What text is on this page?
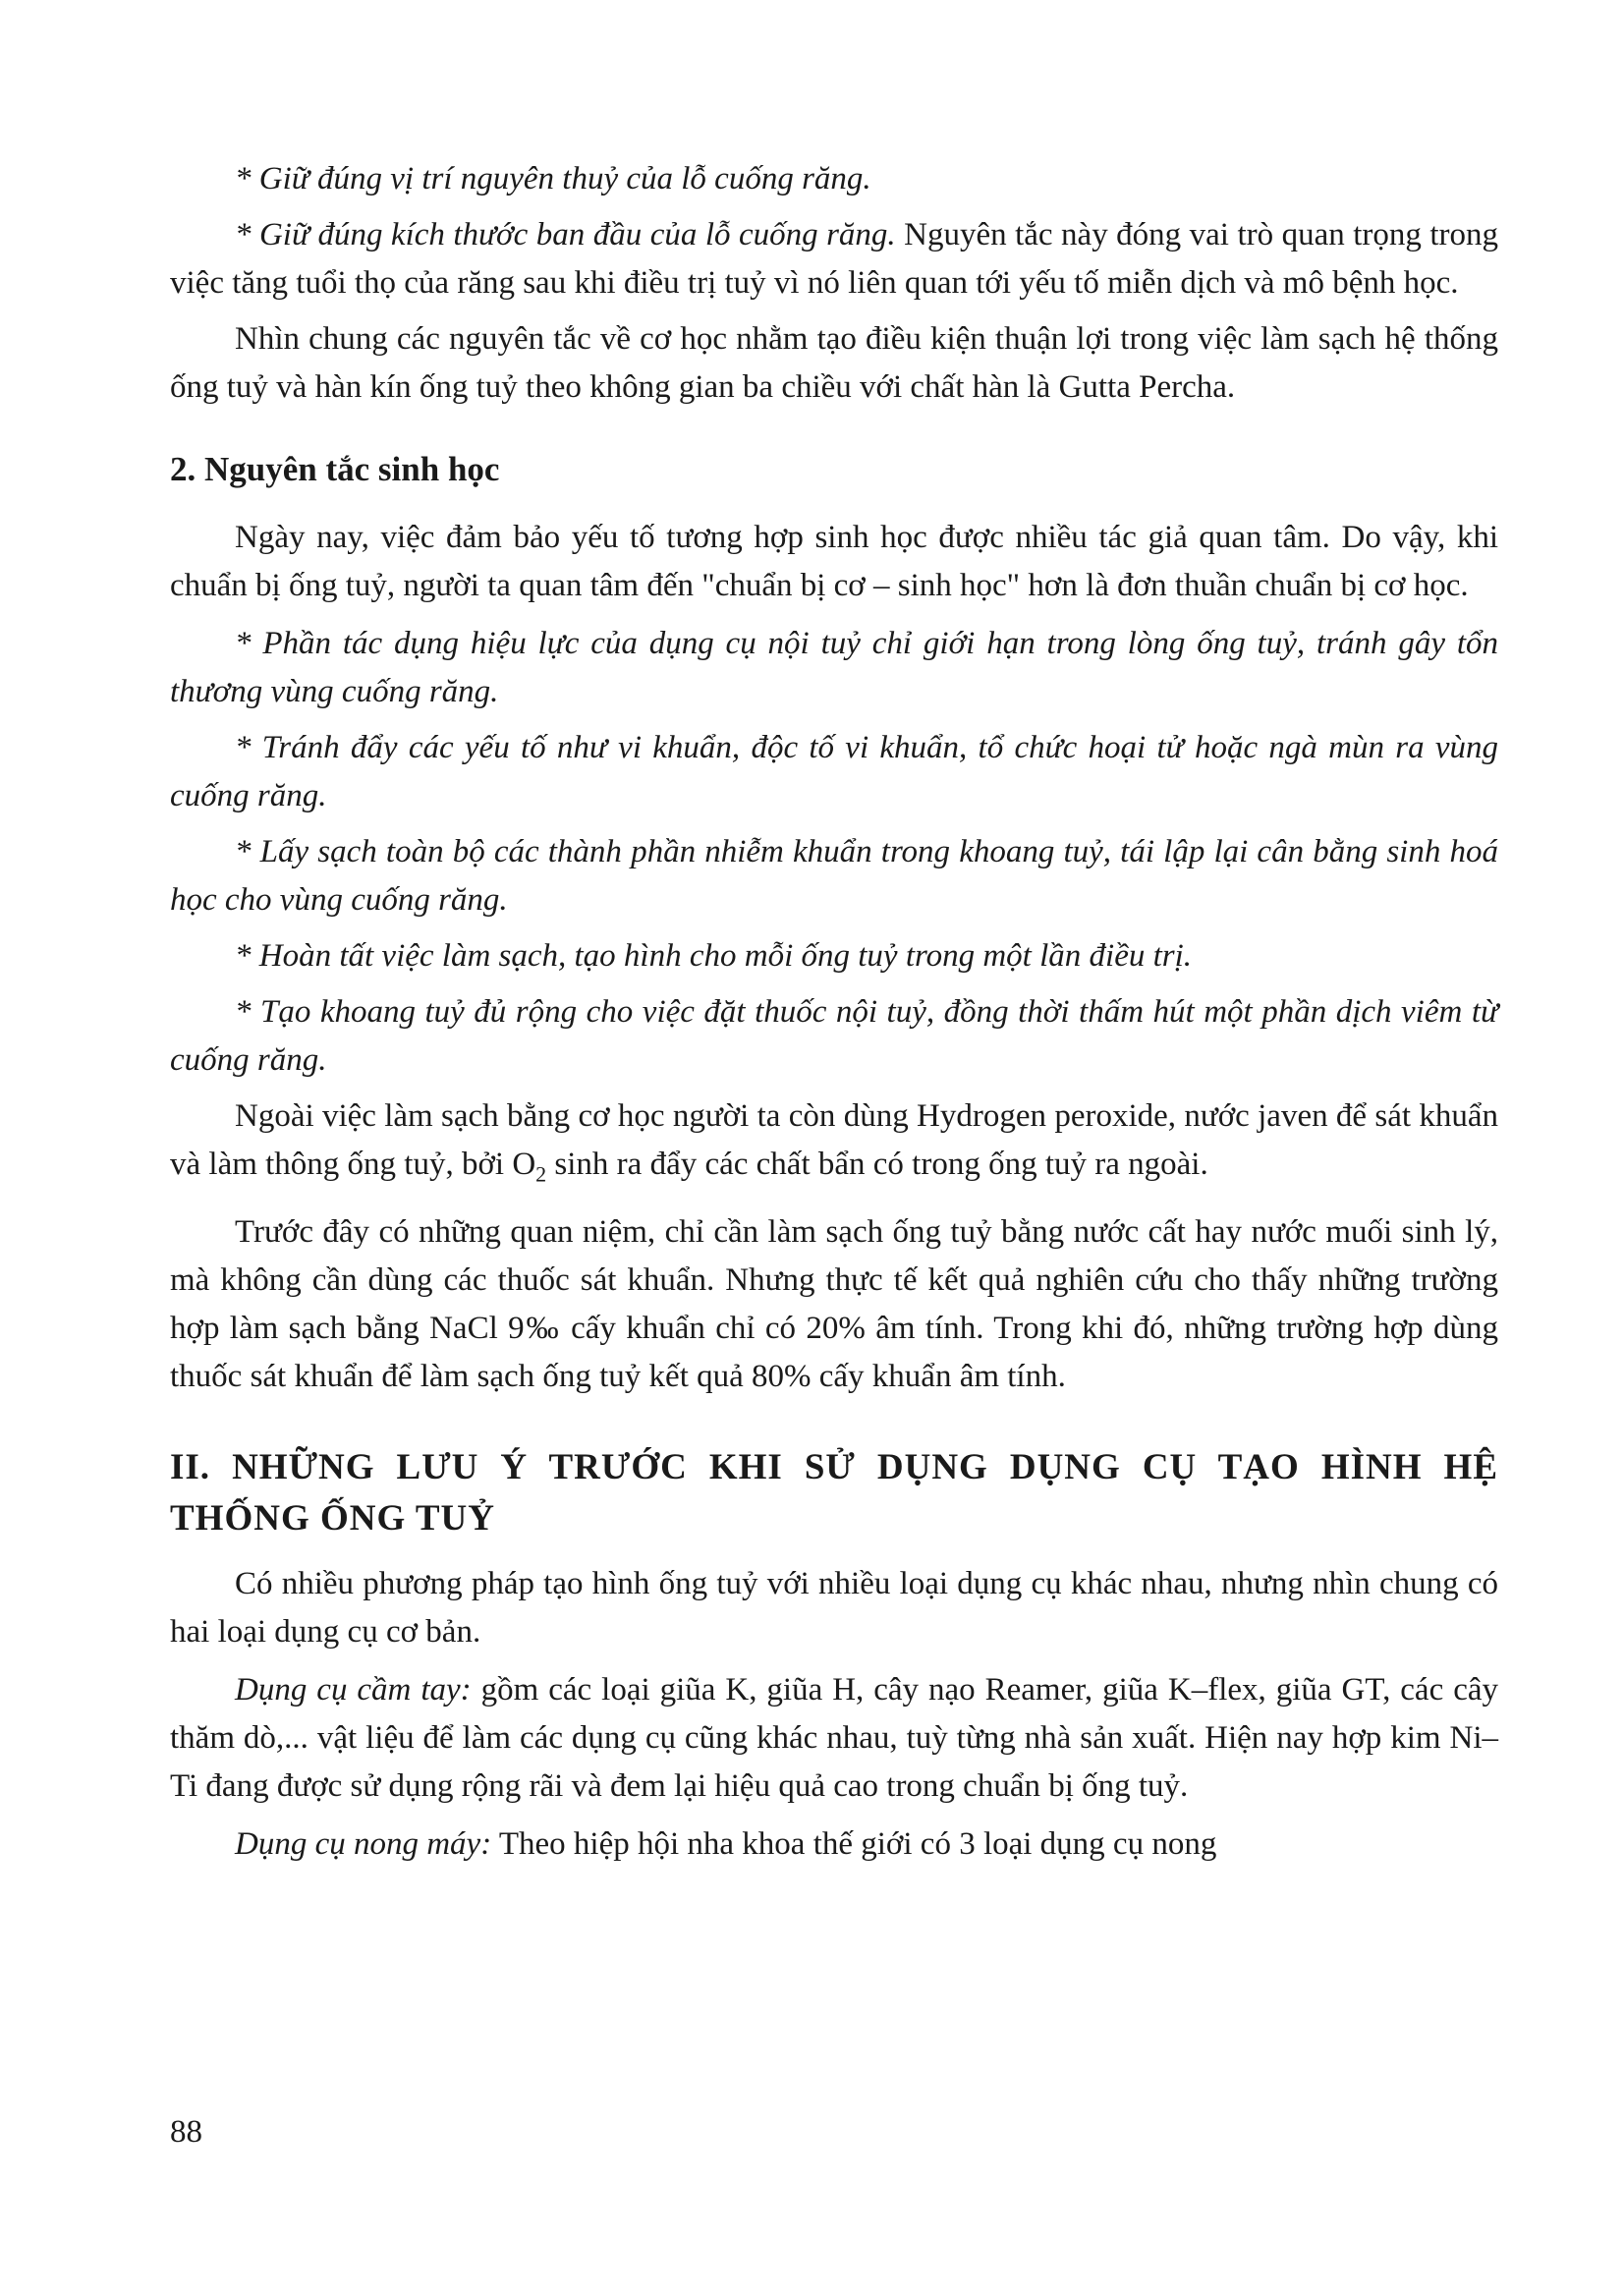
* Giữ đúng vị trí nguyên thuỷ của lỗ cuống răng.

* Giữ đúng kích thước ban đầu của lỗ cuống răng. Nguyên tắc này đóng vai trò quan trọng trong việc tăng tuổi thọ của răng sau khi điều trị tuỷ vì nó liên quan tới yếu tố miễn dịch và mô bệnh học.

Nhìn chung các nguyên tắc về cơ học nhằm tạo điều kiện thuận lợi trong việc làm sạch hệ thống ống tuỷ và hàn kín ống tuỷ theo không gian ba chiều với chất hàn là Gutta Percha.

2. Nguyên tắc sinh học

Ngày nay, việc đảm bảo yếu tố tương hợp sinh học được nhiều tác giả quan tâm. Do vậy, khi chuẩn bị ống tuỷ, người ta quan tâm đến "chuẩn bị cơ – sinh học" hơn là đơn thuần chuẩn bị cơ học.

* Phần tác dụng hiệu lực của dụng cụ nội tuỷ chỉ giới hạn trong lòng ống tuỷ, tránh gây tổn thương vùng cuống răng.

* Tránh đẩy các yếu tố như vi khuẩn, độc tố vi khuẩn, tổ chức hoại tử hoặc ngà mùn ra vùng cuống răng.

* Lấy sạch toàn bộ các thành phần nhiễm khuẩn trong khoang tuỷ, tái lập lại cân bằng sinh hoá học cho vùng cuống răng.

* Hoàn tất việc làm sạch, tạo hình cho mỗi ống tuỷ trong một lần điều trị.

* Tạo khoang tuỷ đủ rộng cho việc đặt thuốc nội tuỷ, đồng thời thấm hút một phần dịch viêm từ cuống răng.

Ngoài việc làm sạch bằng cơ học người ta còn dùng Hydrogen peroxide, nước javen để sát khuẩn và làm thông ống tuỷ, bởi $O_2$ sinh ra đẩy các chất bẩn có trong ống tuỷ ra ngoài.

Trước đây có những quan niệm, chỉ cần làm sạch ống tuỷ bằng nước cất hay nước muối sinh lý, mà không cần dùng các thuốc sát khuẩn. Nhưng thực tế kết quả nghiên cứu cho thấy những trường hợp làm sạch bằng NaCl 9‰ cấy khuẩn chỉ có 20% âm tính. Trong khi đó, những trường hợp dùng thuốc sát khuẩn để làm sạch ống tuỷ kết quả 80% cấy khuẩn âm tính.

II. NHỮNG LƯU Ý TRƯỚC KHI SỬ DỤNG DỤNG CỤ TẠO HÌNH HỆ THỐNG ỐNG TUỶ

Có nhiều phương pháp tạo hình ống tuỷ với nhiều loại dụng cụ khác nhau, nhưng nhìn chung có hai loại dụng cụ cơ bản.

Dụng cụ cầm tay: gồm các loại giũa K, giũa H, cây nạo Reamer, giũa K–flex, giũa GT, các cây thăm dò,... vật liệu để làm các dụng cụ cũng khác nhau, tuỳ từng nhà sản xuất. Hiện nay hợp kim Ni–Ti đang được sử dụng rộng rãi và đem lại hiệu quả cao trong chuẩn bị ống tuỷ.

Dụng cụ nong máy: Theo hiệp hội nha khoa thế giới có 3 loại dụng cụ nong

88
